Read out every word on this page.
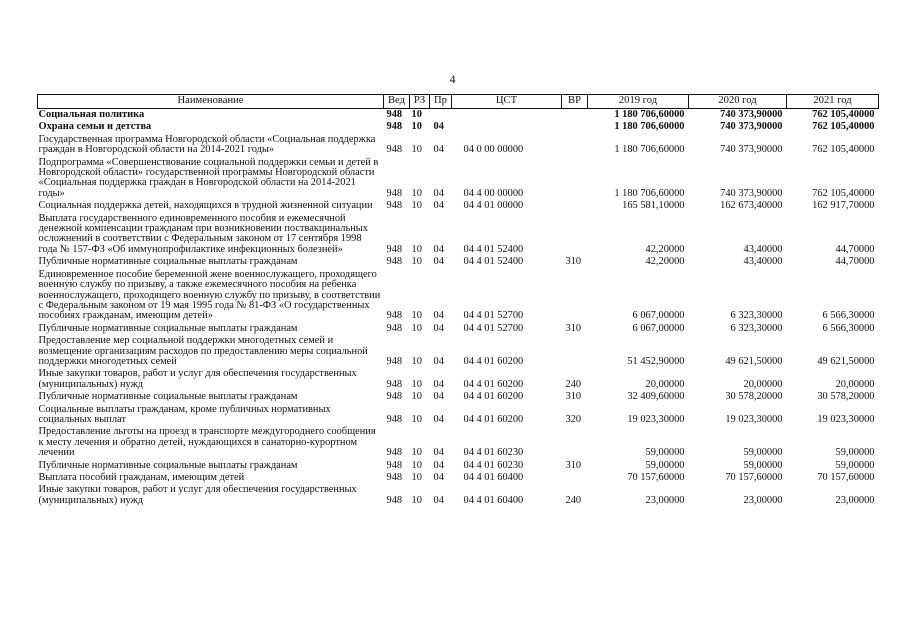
4
Наименование	Вед	РЗ	Пр	ЦСТ	ВР	2019 год	2020 год	2021 год
Социальная политика	948	10				1 180 706,60000	740 373,90000	762 105,40000
Охрана семьи и детства	948	10	04			1 180 706,60000	740 373,90000	762 105,40000
Государственная программа Новгородской области «Социальная поддержка граждан в Новгородской области на 2014-2021 годы»	948	10	04	04 0 00 00000		1 180 706,60000	740 373,90000	762 105,40000
Подпрограмма «Совершенствование социальной поддержки семьи и детей в Новгородской области» государственной программы Новгородской области «Социальная поддержка граждан в Новгородской области на 2014-2021 годы»	948	10	04	04 4 00 00000		1 180 706,60000	740 373,90000	762 105,40000
Социальная поддержка детей, находящихся в трудной жизненной ситуации	948	10	04	04 4 01 00000		165 581,10000	162 673,40000	162 917,70000
Выплата государственного единовременного пособия и ежемесячной денежной компенсации гражданам при возникновении поствакцинальных осложнений в соответствии с Федеральным законом от 17 сентября 1998 года № 157-ФЗ «Об иммунопрофилактике инфекционных болезней»	948	10	04	04 4 01 52400		42,20000	43,40000	44,70000
Публичные нормативные социальные выплаты гражданам	948	10	04	04 4 01 52400	310	42,20000	43,40000	44,70000
Единовременное пособие беременной жене военнослужащего, проходящего военную службу по призыву, а также ежемесячного пособия на ребенка военнослужащего, проходящего военную службу по призыву, в соответствии с Федеральным законом от 19 мая 1995 года № 81-ФЗ «О государственных пособиях гражданам, имеющим детей»	948	10	04	04 4 01 52700		6 067,00000	6 323,30000	6 566,30000
Публичные нормативные социальные выплаты гражданам	948	10	04	04 4 01 52700	310	6 067,00000	6 323,30000	6 566,30000
Предоставление мер социальной поддержки многодетных семей и возмещение организациям расходов по предоставлению меры социальной поддержки многодетных семей	948	10	04	04 4 01 60200		51 452,90000	49 621,50000	49 621,50000
Иные закупки товаров, работ и услуг для обеспечения государственных (муниципальных) нужд	948	10	04	04 4 01 60200	240	20,00000	20,00000	20,00000
Публичные нормативные социальные выплаты гражданам	948	10	04	04 4 01 60200	310	32 409,60000	30 578,20000	30 578,20000
Социальные выплаты гражданам, кроме публичных нормативных социальных выплат	948	10	04	04 4 01 60200	320	19 023,30000	19 023,30000	19 023,30000
Предоставление льготы на проезд в транспорте междугороднего сообщения к месту лечения и обратно детей, нуждающихся в санаторно-курортном лечении	948	10	04	04 4 01 60230		59,00000	59,00000	59,00000
Публичные нормативные социальные выплаты гражданам	948	10	04	04 4 01 60230	310	59,00000	59,00000	59,00000
Выплата пособий гражданам, имеющим детей	948	10	04	04 4 01 60400		70 157,60000	70 157,60000	70 157,60000
Иные закупки товаров, работ и услуг для обеспечения государственных (муниципальных) нужд	948	10	04	04 4 01 60400	240	23,00000	23,00000	23,00000
